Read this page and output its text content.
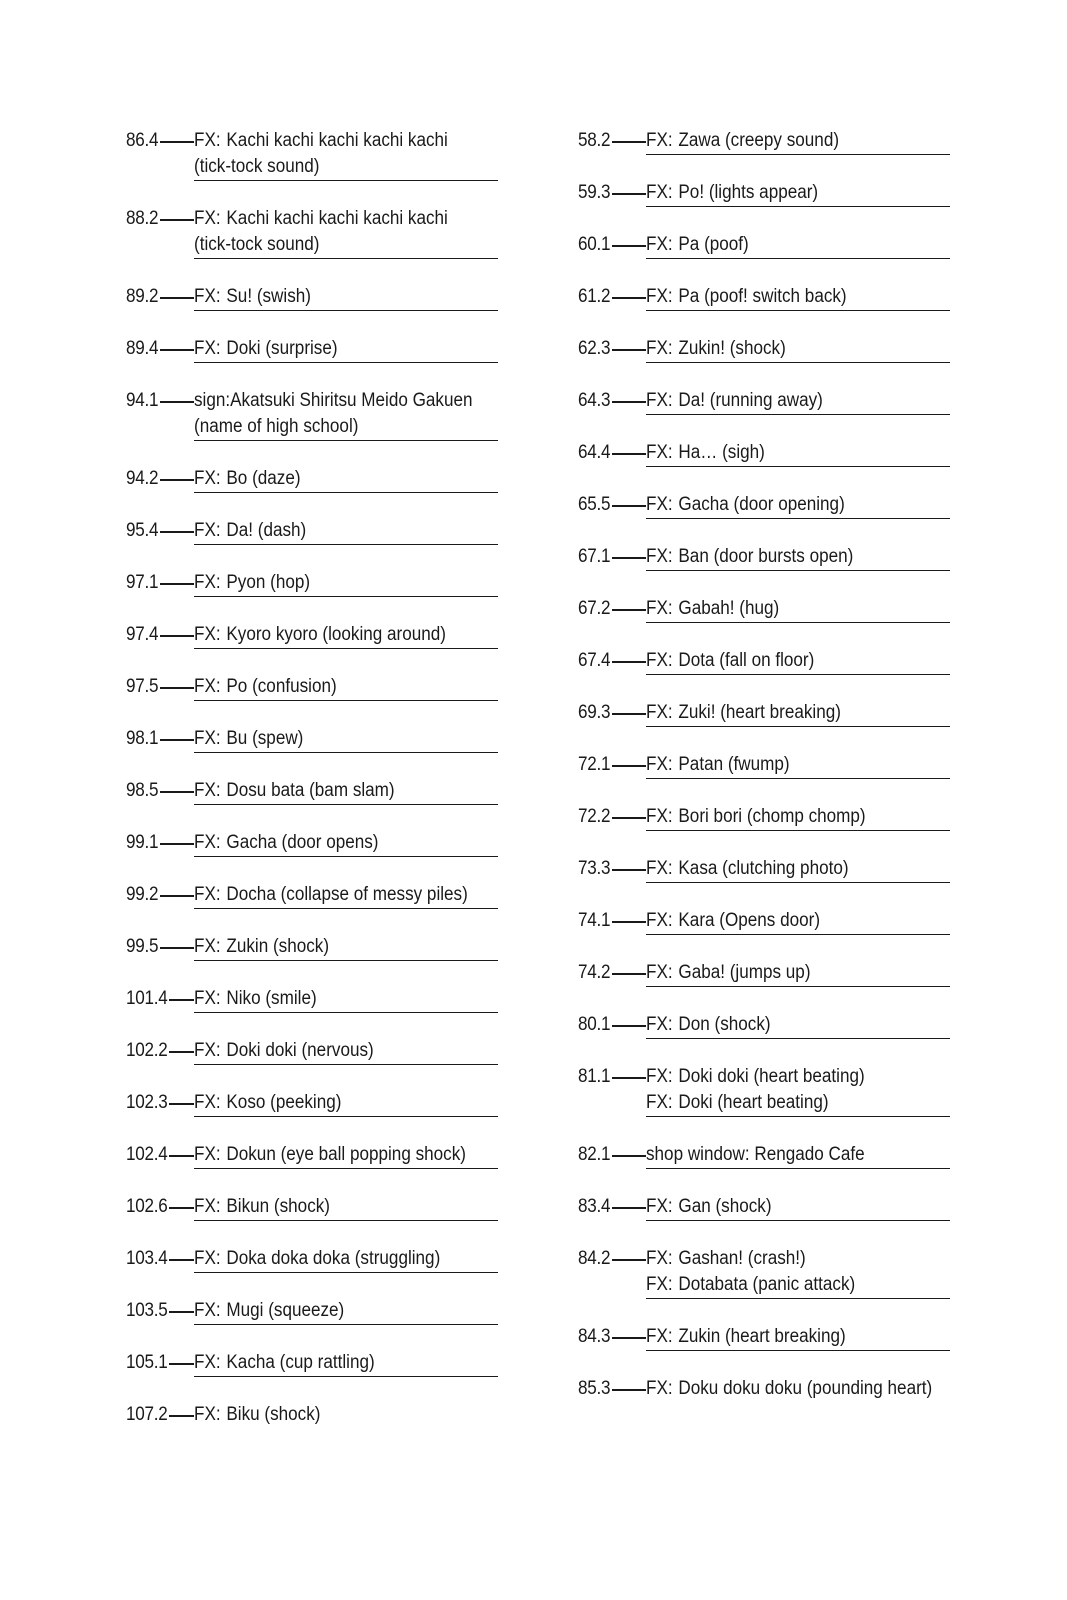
86.4 FX: Kachi kachi kachi kachi kachi
(tick-tock sound)
88.2 FX: Kachi kachi kachi kachi kachi
(tick-tock sound)
89.2 FX: Su! (swish)
89.4 FX: Doki (surprise)
94.1 sign:Akatsuki Shiritsu Meido Gakuen
(name of high school)
94.2 FX: Bo (daze)
95.4 FX: Da! (dash)
97.1 FX: Pyon (hop)
97.4 FX: Kyoro kyoro (looking around)
97.5 FX: Po (confusion)
98.1 FX: Bu (spew)
98.5 FX: Dosu bata (bam slam)
99.1 FX: Gacha (door opens)
99.2 FX: Docha (collapse of messy piles)
99.5 FX: Zukin (shock)
101.4 FX: Niko (smile)
102.2 FX: Doki doki (nervous)
102.3 FX: Koso (peeking)
102.4 FX: Dokun (eye ball popping shock)
102.6 FX: Bikun (shock)
103.4 FX: Doka doka doka (struggling)
103.5 FX: Mugi (squeeze)
105.1 FX: Kacha (cup rattling)
107.2 FX: Biku (shock)
58.2 FX: Zawa (creepy sound)
59.3 FX: Po! (lights appear)
60.1 FX: Pa (poof)
61.2 FX: Pa (poof! switch back)
62.3 FX: Zukin! (shock)
64.3 FX: Da! (running away)
64.4 FX: Ha… (sigh)
65.5 FX: Gacha (door opening)
67.1 FX: Ban (door bursts open)
67.2 FX: Gabah! (hug)
67.4 FX: Dota (fall on floor)
69.3 FX: Zuki! (heart breaking)
72.1 FX: Patan (fwump)
72.2 FX: Bori bori (chomp chomp)
73.3 FX: Kasa (clutching photo)
74.1 FX: Kara (Opens door)
74.2 FX: Gaba! (jumps up)
80.1 FX: Don (shock)
81.1 FX: Doki doki (heart beating)
FX: Doki (heart beating)
82.1 shop window: Rengado Cafe
83.4 FX: Gan (shock)
84.2 FX: Gashan! (crash!)
FX: Dotabata (panic attack)
84.3 FX: Zukin (heart breaking)
85.3 FX: Doku doku doku (pounding heart)
